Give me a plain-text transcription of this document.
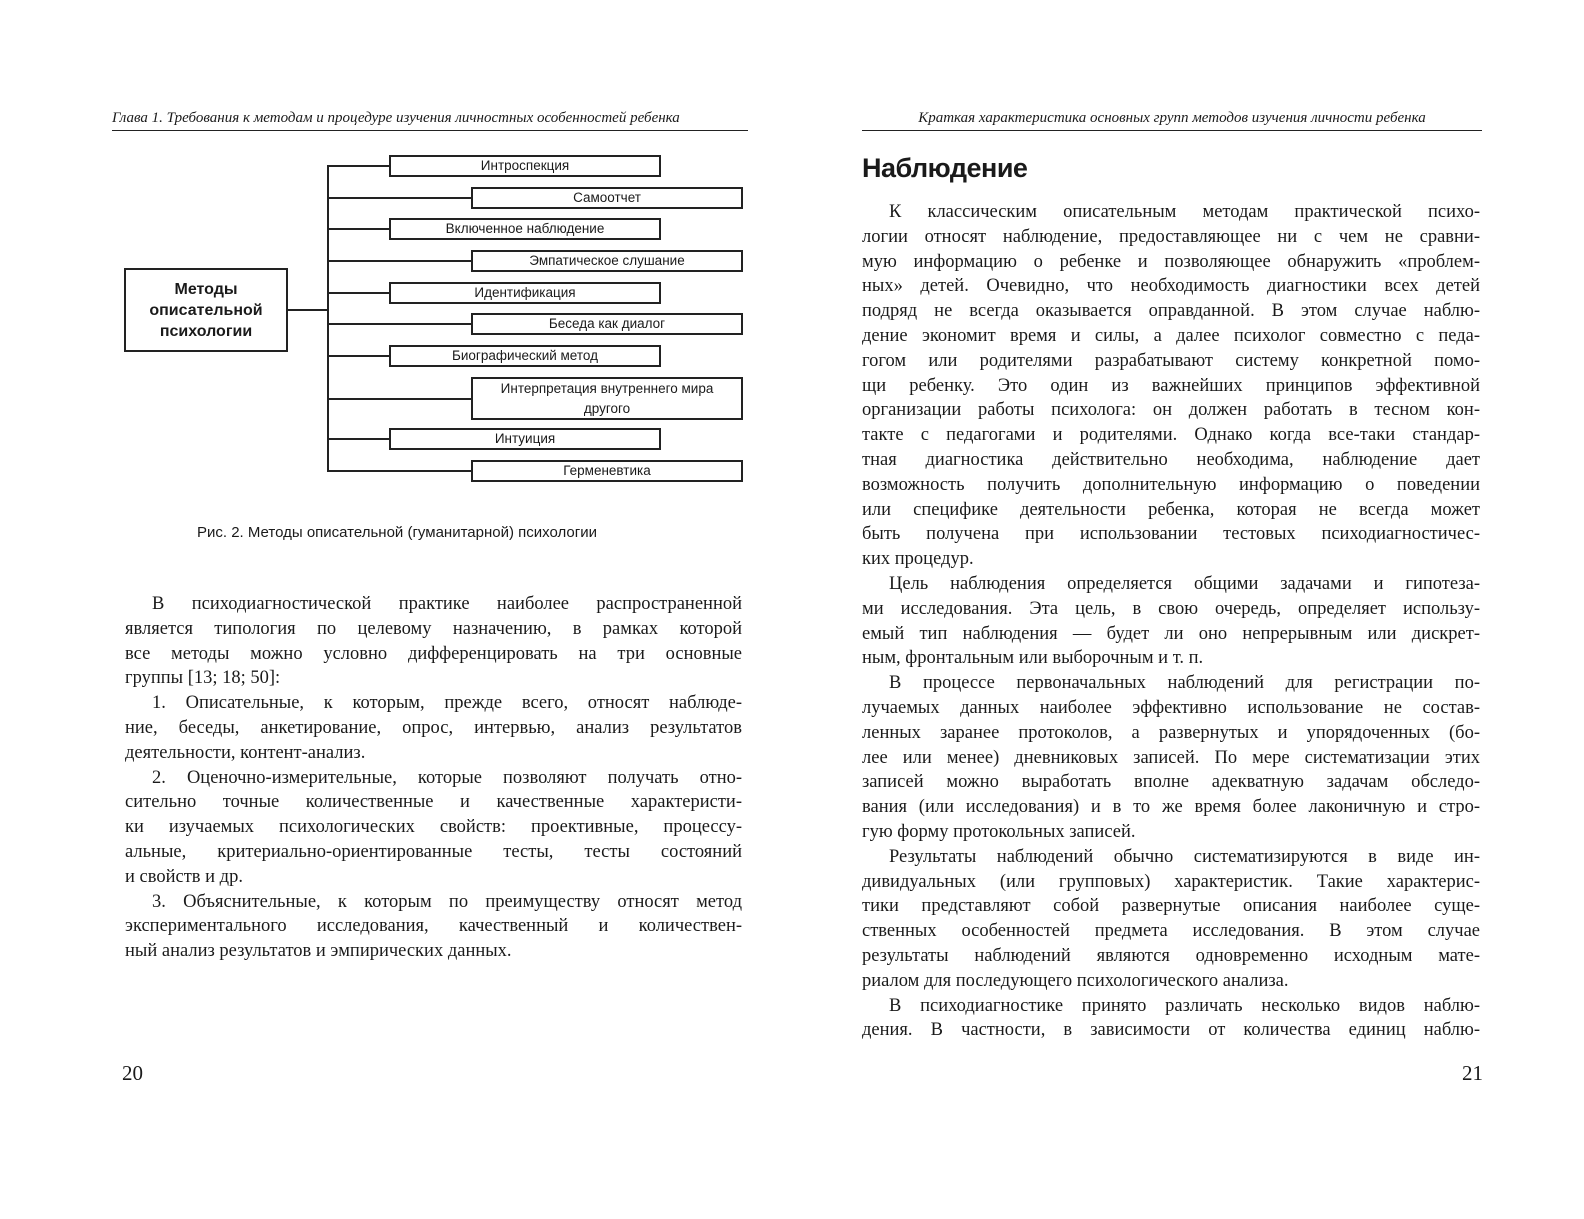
Глава 1. Требования к методам и процедуре изучения личностных особенностей ребенка
Методы описательной психологии
Интроспекция
Самоотчет
Включенное наблюдение
Эмпатическое слушание
Идентификация
Беседа как диалог
Биографический метод
Интерпретация внутреннего мира другого
Интуиция
Герменевтика
Рис. 2. Методы описательной (гуманитарной) психологии
В психодиагностической практике наиболее распространенной
является типология по целевому назначению, в рамках которой
все методы можно условно дифференцировать на три основные
группы [13; 18; 50]:
1. Описательные, к которым, прежде всего, относят наблюде-
ние, беседы, анкетирование, опрос, интервью, анализ результатов
деятельности, контент-анализ.
2. Оценочно-измерительные, которые позволяют получать отно-
сительно точные количественные и качественные характеристи-
ки изучаемых психологических свойств: проективные, процессу-
альные, критериально-ориентированные тесты, тесты состояний
и свойств и др.
3. Объяснительные, к которым по преимуществу относят метод
экспериментального исследования, качественный и количествен-
ный анализ результатов и эмпирических данных.
20
Краткая характеристика основных групп методов изучения личности ребенка
Наблюдение
К классическим описательным методам практической психо-
логии относят наблюдение, предоставляющее ни с чем не сравни-
мую информацию о ребенке и позволяющее обнаружить «проблем-
ных» детей. Очевидно, что необходимость диагностики всех детей
подряд не всегда оказывается оправданной. В этом случае наблю-
дение экономит время и силы, а далее психолог совместно с педа-
гогом или родителями разрабатывают систему конкретной помо-
щи ребенку. Это один из важнейших принципов эффективной
организации работы психолога: он должен работать в тесном кон-
такте с педагогами и родителями. Однако когда все-таки стандар-
тная диагностика действительно необходима, наблюдение дает
возможность получить дополнительную информацию о поведении
или специфике деятельности ребенка, которая не всегда может
быть получена при использовании тестовых психодиагностичес-
ких процедур.
Цель наблюдения определяется общими задачами и гипотеза-
ми исследования. Эта цель, в свою очередь, определяет использу-
емый тип наблюдения — будет ли оно непрерывным или дискрет-
ным, фронтальным или выборочным и т. п.
В процессе первоначальных наблюдений для регистрации по-
лучаемых данных наиболее эффективно использование не состав-
ленных заранее протоколов, а развернутых и упорядоченных (бо-
лее или менее) дневниковых записей. По мере систематизации этих
записей можно выработать вполне адекватную задачам обследо-
вания (или исследования) и в то же время более лаконичную и стро-
гую форму протокольных записей.
Результаты наблюдений обычно систематизируются в виде ин-
дивидуальных (или групповых) характеристик. Такие характерис-
тики представляют собой развернутые описания наиболее суще-
ственных особенностей предмета исследования. В этом случае
результаты наблюдений являются одновременно исходным мате-
риалом для последующего психологического анализа.
В психодиагностике принято различать несколько видов наблю-
дения. В частности, в зависимости от количества единиц наблю-
21
